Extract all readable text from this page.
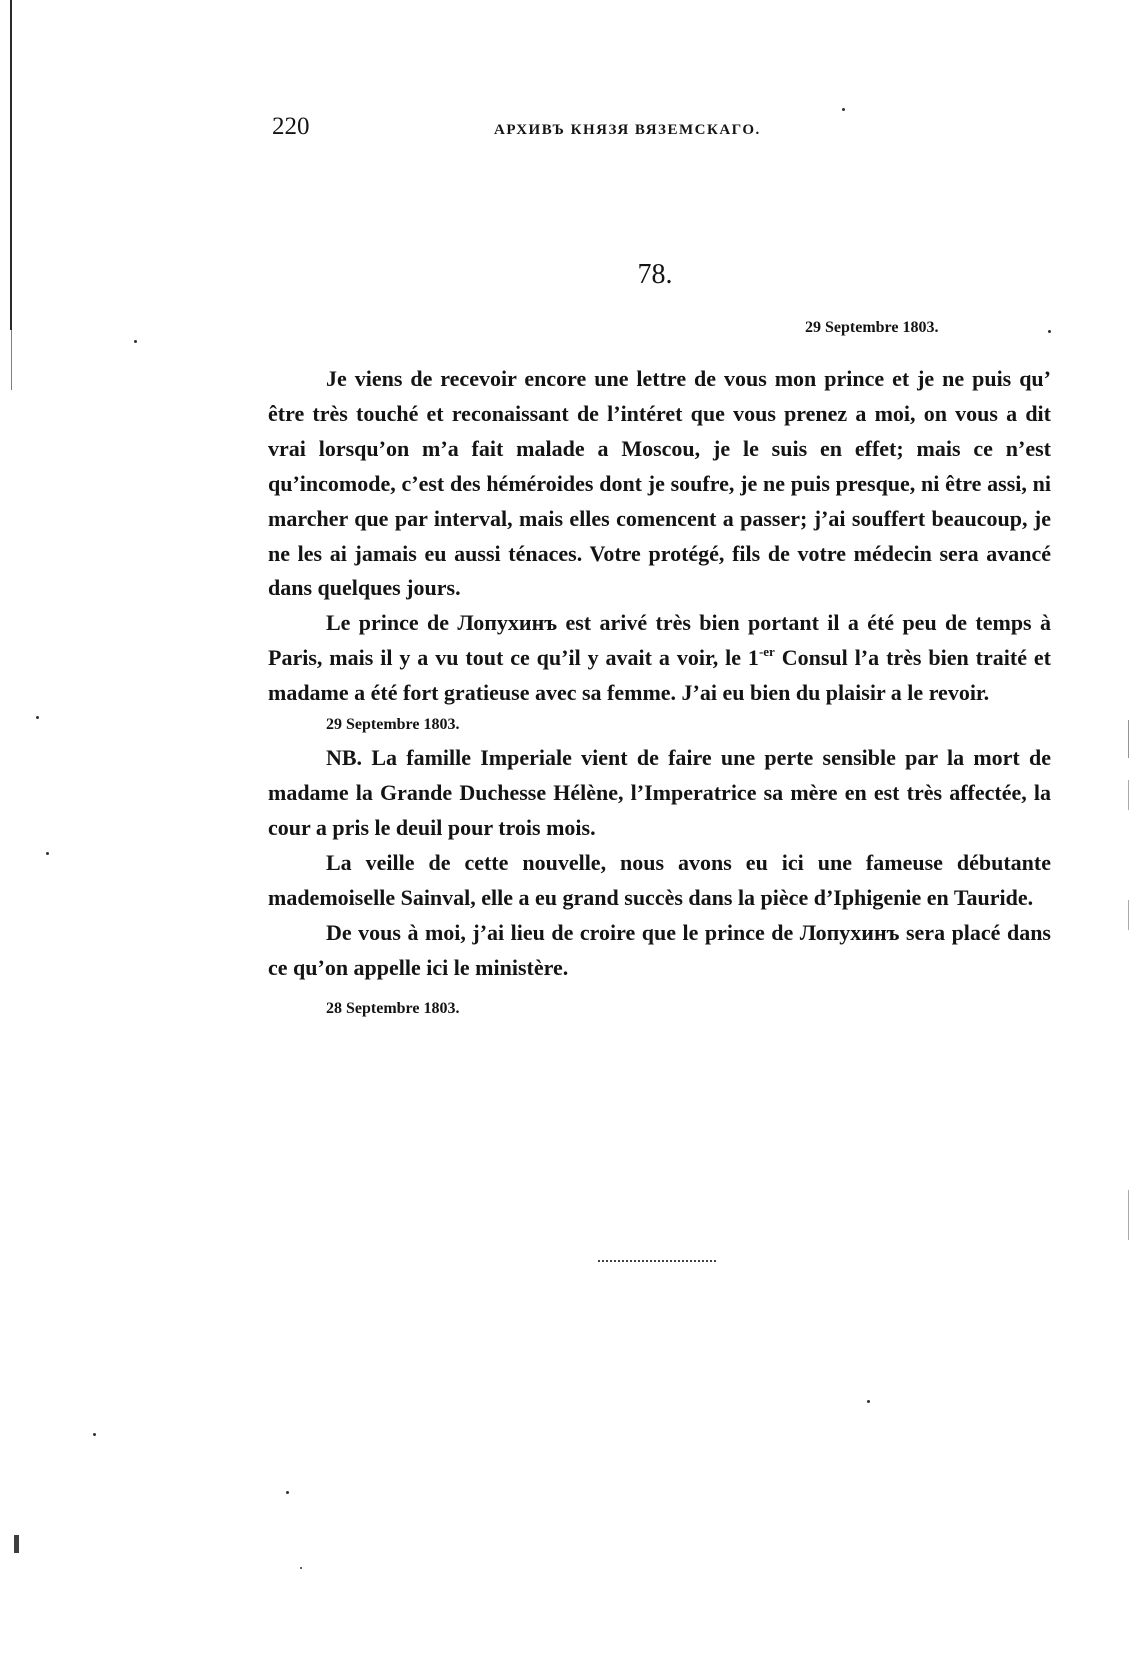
220	АРХИВЪ КНЯЗЯ ВЯЗЕМСКАГО.
78.
29 Septembre 1803.

Je viens de recevoir encore une lettre de vous mon prince et je ne puis qu’ être très touché et reconaissant de l’intéret que vous prenez a moi, on vous a dit vrai lorsqu’on m’a fait malade a Moscou, je le suis en effet; mais ce n’est qu’incomode, c’est des héméroides dont je soufre, je ne puis presque, ni être assi, ni marcher que par interval, mais elles comencent a passer; j’ai souffert beaucoup, je ne les ai jamais eu aussi ténaces. Votre protégé, fils de votre médecin sera avancé dans quelques jours.

Le prince de Лопухинъ est arivé très bien portant il a été peu de temps à Paris, mais il y a vu tout ce qu’il y avait a voir, le $1^{-er}$ Consul l’a très bien traité et madame a été fort gratieuse avec sa femme. J’ai eu bien du plaisir a le revoir.

29 Septembre 1803.

NB. La famille Imperiale vient de faire une perte sensible par la mort de madame la Grande Duchesse Hélène, l’Imperatrice sa mère en est très affectée, la cour a pris le deuil pour trois mois.

La veille de cette nouvelle, nous avons eu ici une fameuse débutante mademoiselle Sainval, elle a eu grand succès dans la pièce d’Iphigenie en Tauride.

De vous à moi, j’ai lieu de croire que le prince de Лопухинъ sera placé dans ce qu’on appelle ici le ministère.

28 Septembre 1803.
